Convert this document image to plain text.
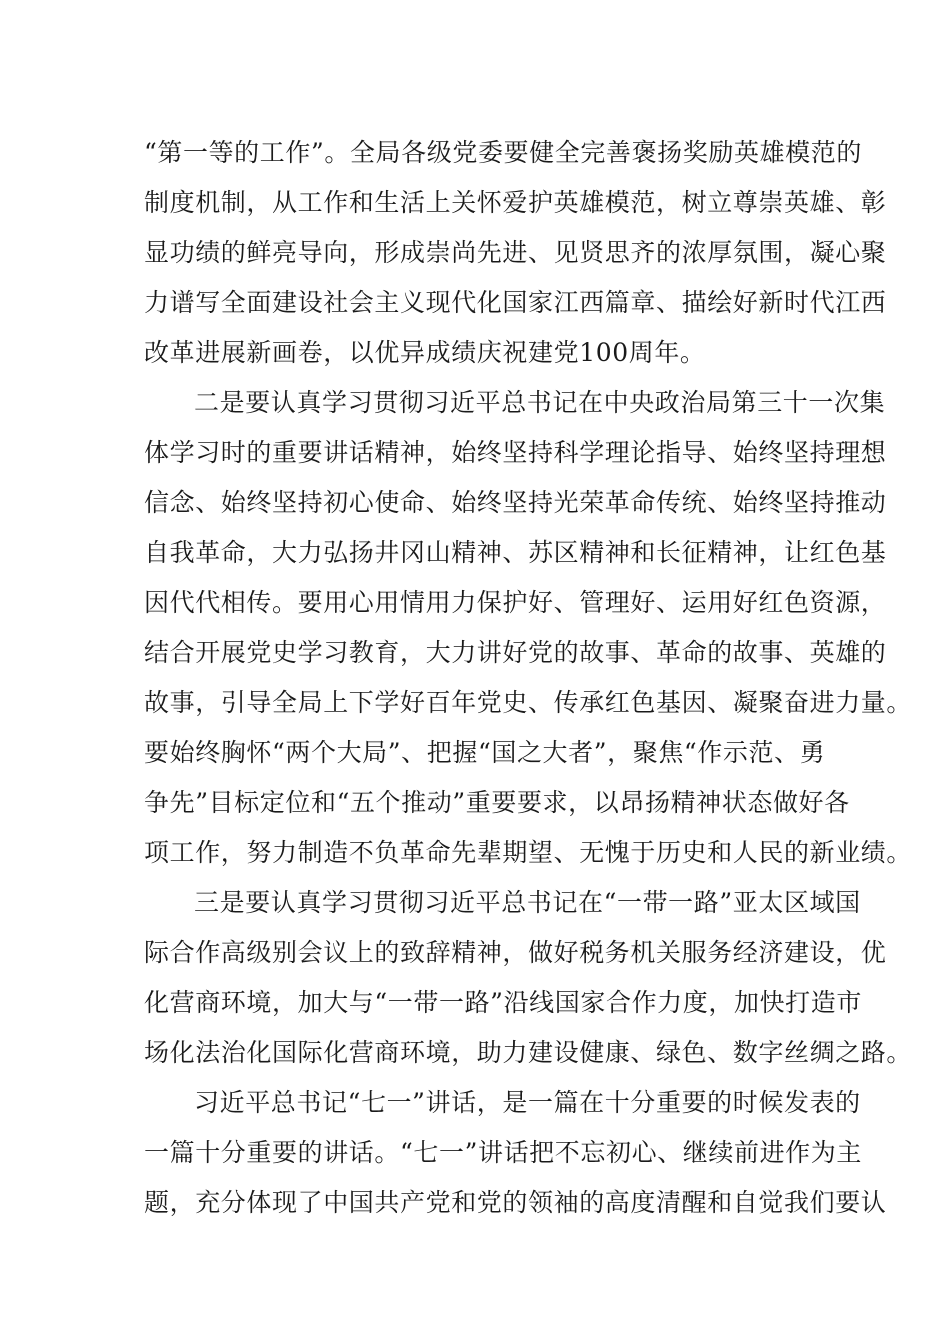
“第一等的工作”。全局各级党委要健全完善褒扬奖励英雄模范的
制度机制，从工作和生活上关怀爱护英雄模范，树立尊崇英雄、彰
显功绩的鲜亮导向，形成崇尚先进、见贤思齐的浓厚氛围，凝心聚
力谱写全面建设社会主义现代化国家江西篇章、描绘好新时代江西
改革进展新画卷，以优异成绩庆祝建党100周年。
二是要认真学习贯彻习近平总书记在中央政治局第三十一次集
体学习时的重要讲话精神，始终坚持科学理论指导、始终坚持理想
信念、始终坚持初心使命、始终坚持光荣革命传统、始终坚持推动
自我革命，大力弘扬井冈山精神、苏区精神和长征精神，让红色基
因代代相传。要用心用情用力保护好、管理好、运用好红色资源，
结合开展党史学习教育，大力讲好党的故事、革命的故事、英雄的
故事，引导全局上下学好百年党史、传承红色基因、凝聚奋进力量。
要始终胸怀“两个大局”、把握“国之大者”，聚焦“作示范、勇
争先”目标定位和“五个推动”重要要求，以昂扬精神状态做好各
项工作，努力制造不负革命先辈期望、无愧于历史和人民的新业绩。
三是要认真学习贯彻习近平总书记在“一带一路”亚太区域国
际合作高级别会议上的致辞精神，做好税务机关服务经济建设，优
化营商环境，加大与“一带一路”沿线国家合作力度，加快打造市
场化法治化国际化营商环境，助力建设健康、绿色、数字丝绸之路。
习近平总书记“七一”讲话，是一篇在十分重要的时候发表的
一篇十分重要的讲话。“七一”讲话把不忘初心、继续前进作为主
题，充分体现了中国共产党和党的领袖的高度清醒和自觉我们要认
